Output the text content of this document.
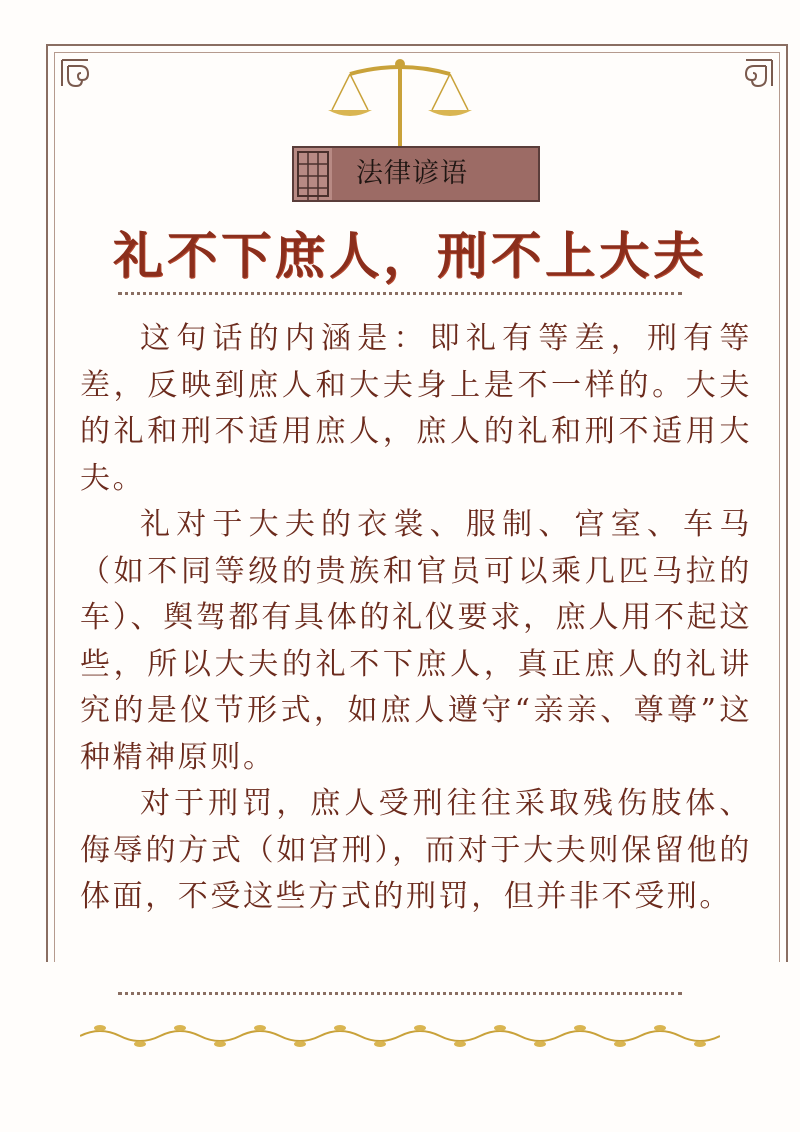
法律谚语
礼不下庶人，刑不上大夫

这句话的内涵是：即礼有等差，刑有等差，反映到庶人和大夫身上是不一样的。大夫的礼和刑不适用庶人，庶人的礼和刑不适用大夫。

礼对于大夫的衣裳、服制、宫室、车马（如不同等级的贵族和官员可以乘几匹马拉的车）、舆驾都有具体的礼仪要求，庶人用不起这些，所以大夫的礼不下庶人，真正庶人的礼讲究的是仪节形式，如庶人遵守“亲亲、尊尊”这种精神原则。

对于刑罚，庶人受刑往往采取残伤肢体、侮辱的方式（如宫刑），而对于大夫则保留他的体面，不受这些方式的刑罚，但并非不受刑。
